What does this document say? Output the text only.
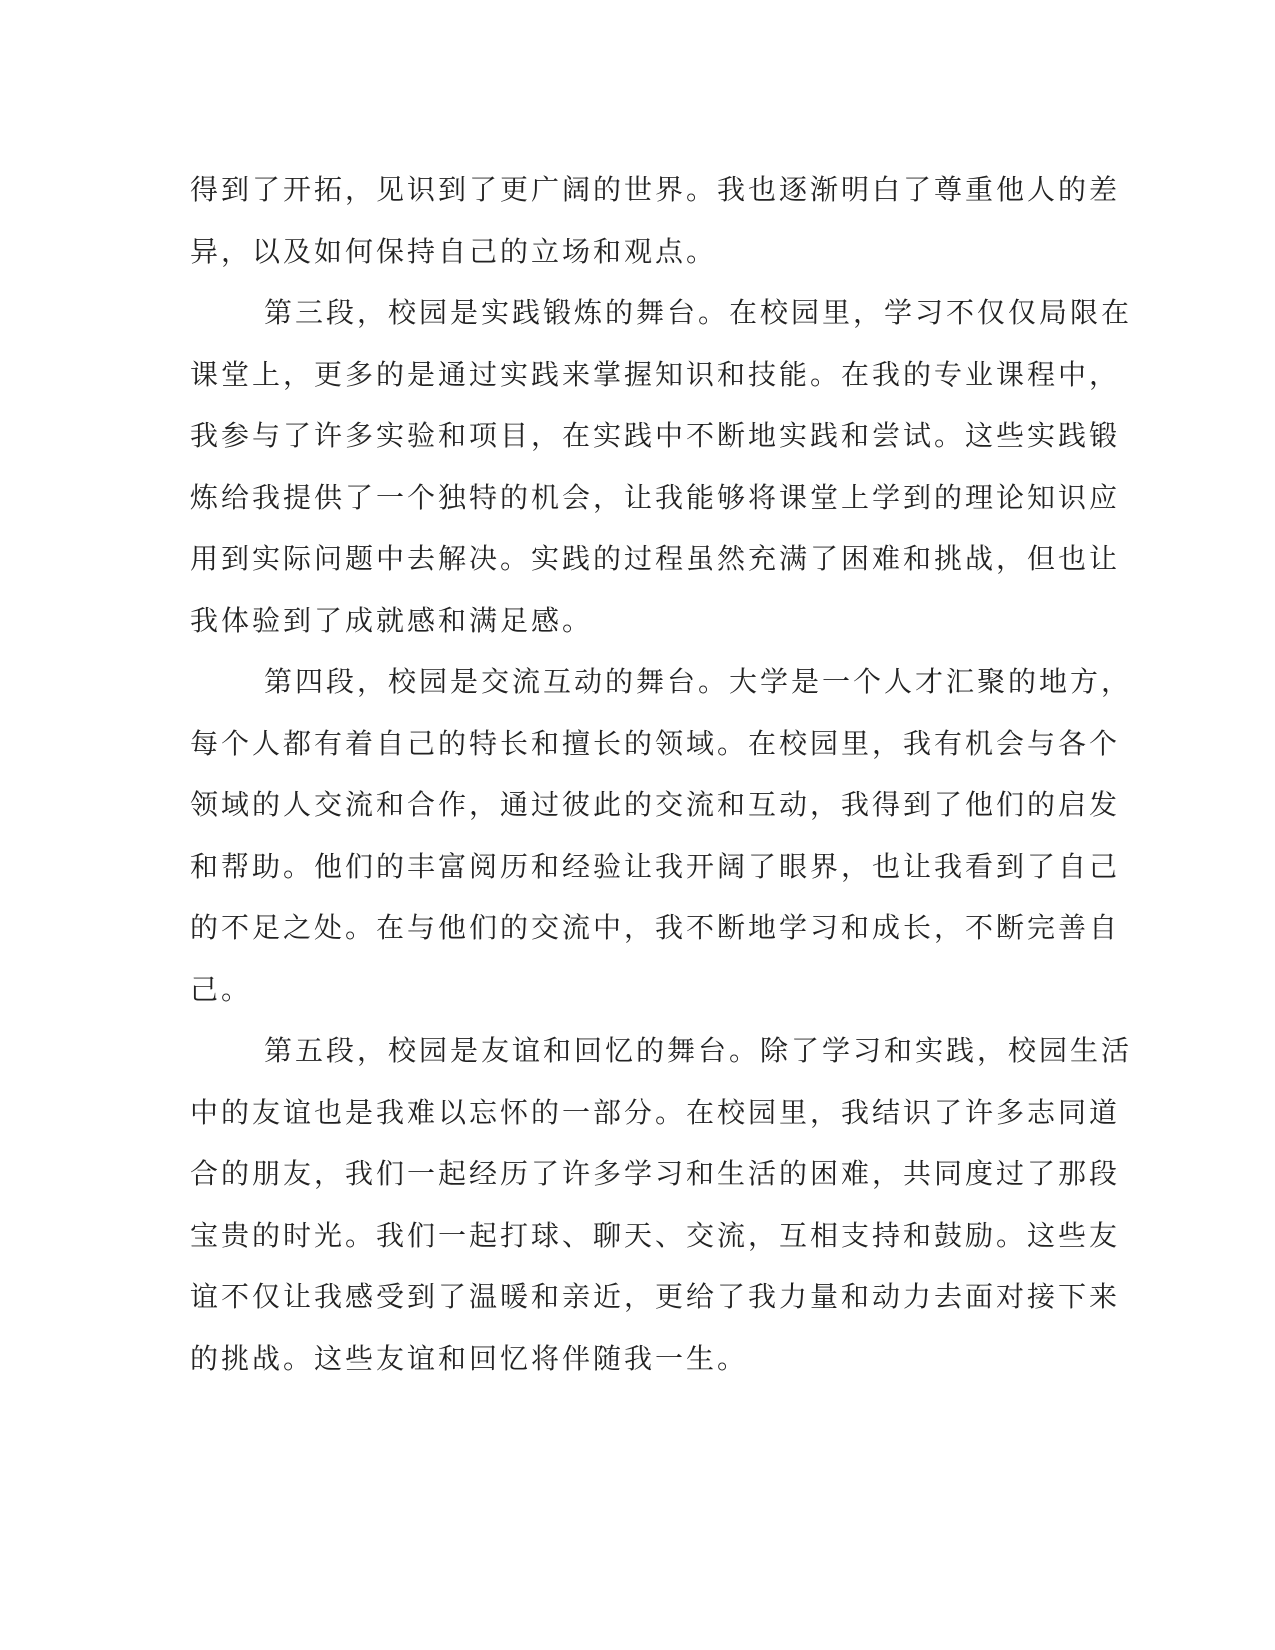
得到了开拓，见识到了更广阔的世界。我也逐渐明白了尊重他人的差
异，以及如何保持自己的立场和观点。
第三段，校园是实践锻炼的舞台。在校园里，学习不仅仅局限在
课堂上，更多的是通过实践来掌握知识和技能。在我的专业课程中，
我参与了许多实验和项目，在实践中不断地实践和尝试。这些实践锻
炼给我提供了一个独特的机会，让我能够将课堂上学到的理论知识应
用到实际问题中去解决。实践的过程虽然充满了困难和挑战，但也让
我体验到了成就感和满足感。
第四段，校园是交流互动的舞台。大学是一个人才汇聚的地方，
每个人都有着自己的特长和擅长的领域。在校园里，我有机会与各个
领域的人交流和合作，通过彼此的交流和互动，我得到了他们的启发
和帮助。他们的丰富阅历和经验让我开阔了眼界，也让我看到了自己
的不足之处。在与他们的交流中，我不断地学习和成长，不断完善自
己。
第五段，校园是友谊和回忆的舞台。除了学习和实践，校园生活
中的友谊也是我难以忘怀的一部分。在校园里，我结识了许多志同道
合的朋友，我们一起经历了许多学习和生活的困难，共同度过了那段
宝贵的时光。我们一起打球、聊天、交流，互相支持和鼓励。这些友
谊不仅让我感受到了温暖和亲近，更给了我力量和动力去面对接下来
的挑战。这些友谊和回忆将伴随我一生。
